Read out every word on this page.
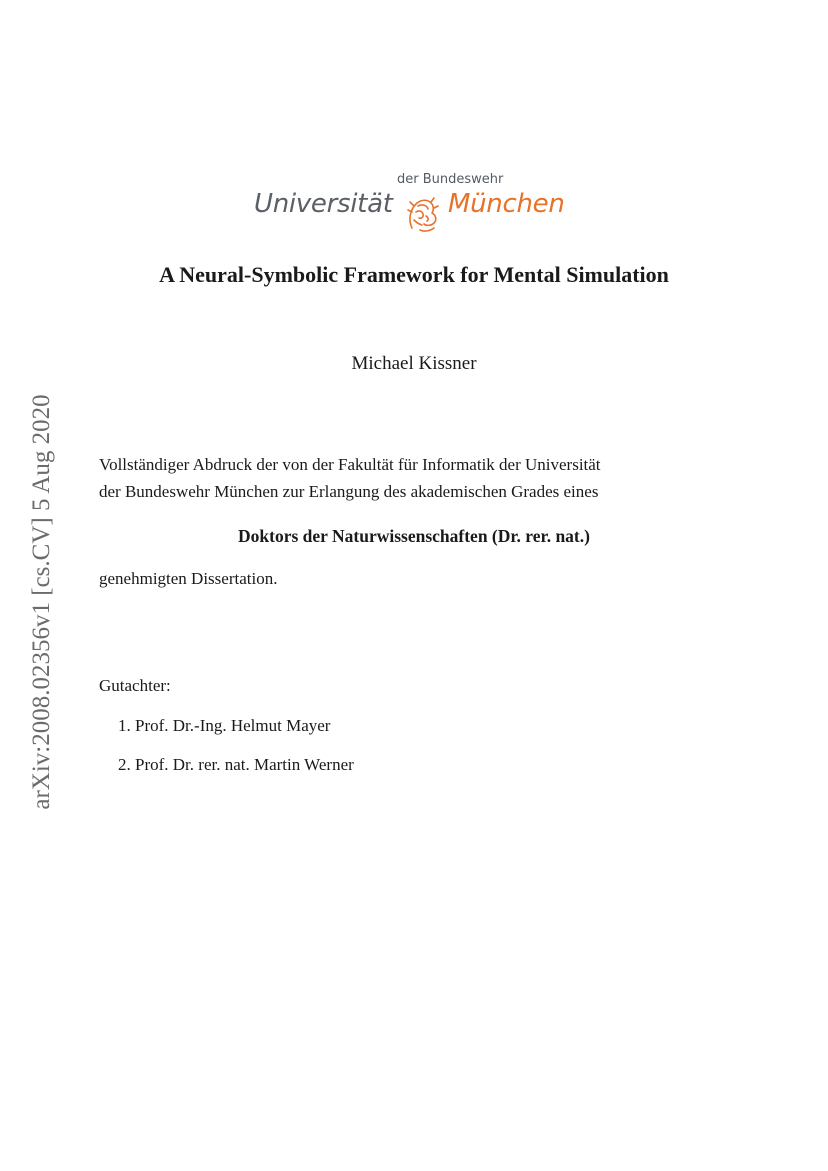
der Bundeswehr
Universität München
A Neural-Symbolic Framework for Mental Simulation
Michael Kissner
Vollständiger Abdruck der von der Fakultät für Informatik der Universität
der Bundeswehr München zur Erlangung des akademischen Grades eines
Doktors der Naturwissenschaften (Dr. rer. nat.)
genehmigten Dissertation.
Gutachter:
1. Prof. Dr.-Ing. Helmut Mayer
2. Prof. Dr. rer. nat. Martin Werner
arXiv:2008.02356v1 [cs.CV] 5 Aug 2020
